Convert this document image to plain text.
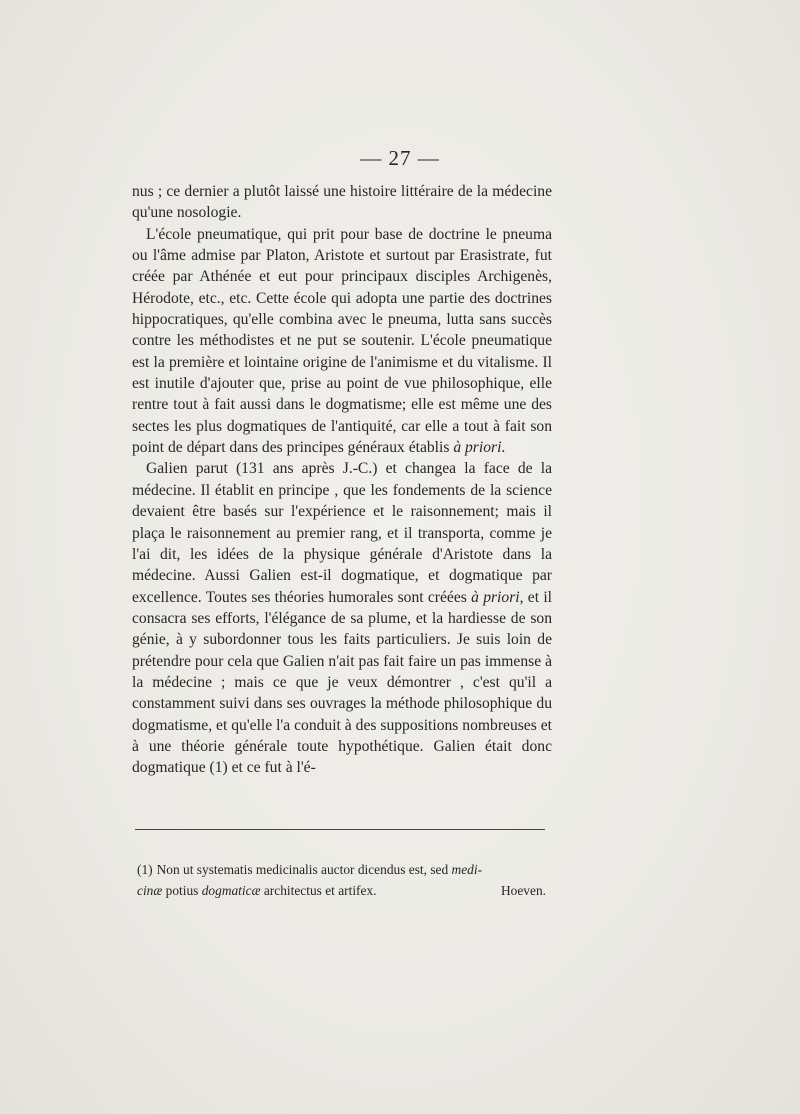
— 27 —

nus ; ce dernier a plutôt laissé une histoire littéraire de la médecine qu'une nosologie.

L'école pneumatique, qui prit pour base de doctrine le pneuma ou l'âme admise par Platon, Aristote et surtout par Erasistrate, fut créée par Athénée et eut pour principaux disciples Archigenès, Hérodote, etc., etc. Cette école qui adopta une partie des doctrines hippocratiques, qu'elle combina avec le pneuma, lutta sans succès contre les méthodistes et ne put se soutenir. L'école pneumatique est la première et lointaine origine de l'animisme et du vitalisme. Il est inutile d'ajouter que, prise au point de vue philosophique, elle rentre tout à fait aussi dans le dogmatisme; elle est même une des sectes les plus dogmatiques de l'antiquité, car elle a tout à fait son point de départ dans des principes généraux établis à priori.

Galien parut (131 ans après J.-C.) et changea la face de la médecine. Il établit en principe , que les fondements de la science devaient être basés sur l'expérience et le raisonnement; mais il plaça le raisonnement au premier rang, et il transporta, comme je l'ai dit, les idées de la physique générale d'Aristote dans la médecine. Aussi Galien est-il dogmatique, et dogmatique par excellence. Toutes ses théories humorales sont créées à priori, et il consacra ses efforts, l'élégance de sa plume, et la hardiesse de son génie, à y subordonner tous les faits particuliers. Je suis loin de prétendre pour cela que Galien n'ait pas fait faire un pas immense à la médecine ; mais ce que je veux démontrer , c'est qu'il a constamment suivi dans ses ouvrages la méthode philosophique du dogmatisme, et qu'elle l'a conduit à des suppositions nombreuses et à une théorie générale toute hypothétique. Galien était donc dogmatique (1) et ce fut à l'é-

(1) Non ut systematis medicinalis auctor dicendus est, sed medi-
cinæ potius dogmaticæ architectus et artifex.	Hoeven.
